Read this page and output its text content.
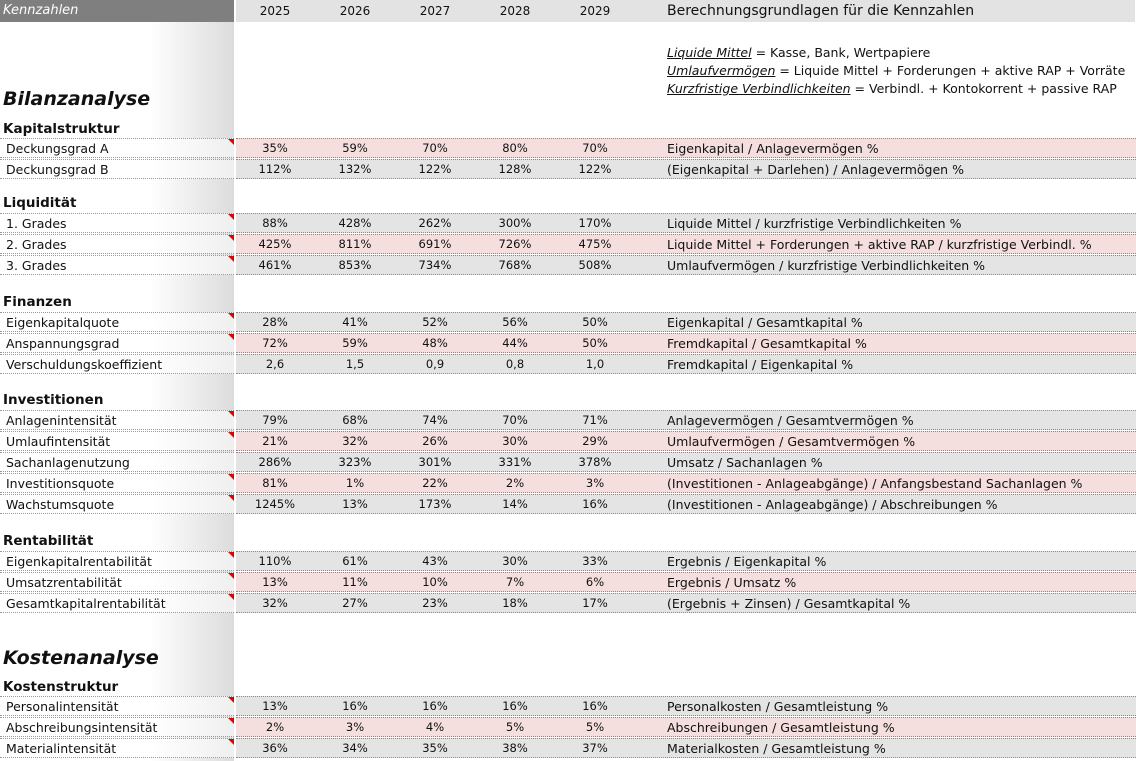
Kennzahlen	2025	2026	2027	2028	2029	Berechnungsgrundlagen für die Kennzahlen
Liquide Mittel = Kasse, Bank, Wertpapiere
Umlaufvermögen = Liquide Mittel + Forderungen + aktive RAP + Vorräte
Kurzfristige Verbindlichkeiten = Verbindl. + Kontokorrent + passive RAP
Bilanzanalyse
Kostenanalyse
Kapitalstruktur
Liquidität
Finanzen
Investitionen
Rentabilität
Kostenstruktur
Deckungsgrad A	35%	59%	70%	80%	70%	Eigenkapital / Anlagevermögen %
Deckungsgrad B	112%	132%	122%	128%	122%	(Eigenkapital + Darlehen) / Anlagevermögen %
1. Grades	88%	428%	262%	300%	170%	Liquide Mittel / kurzfristige Verbindlichkeiten %
2. Grades	425%	811%	691%	726%	475%	Liquide Mittel + Forderungen + aktive RAP / kurzfristige Verbindl. %
3. Grades	461%	853%	734%	768%	508%	Umlaufvermögen / kurzfristige Verbindlichkeiten %
Eigenkapitalquote	28%	41%	52%	56%	50%	Eigenkapital / Gesamtkapital %
Anspannungsgrad	72%	59%	48%	44%	50%	Fremdkapital / Gesamtkapital %
Verschuldungskoeffizient	2,6	1,5	0,9	0,8	1,0	Fremdkapital / Eigenkapital %
Anlagenintensität	79%	68%	74%	70%	71%	Anlagevermögen / Gesamtvermögen %
Umlaufintensität	21%	32%	26%	30%	29%	Umlaufvermögen / Gesamtvermögen %
Sachanlagenutzung	286%	323%	301%	331%	378%	Umsatz / Sachanlagen %
Investitionsquote	81%	1%	22%	2%	3%	(Investitionen - Anlageabgänge) / Anfangsbestand Sachanlagen %
Wachstumsquote	1245%	13%	173%	14%	16%	(Investitionen - Anlageabgänge) / Abschreibungen %
Eigenkapitalrentabilität	110%	61%	43%	30%	33%	Ergebnis / Eigenkapital %
Umsatzrentabilität	13%	11%	10%	7%	6%	Ergebnis / Umsatz %
Gesamtkapitalrentabilität	32%	27%	23%	18%	17%	(Ergebnis + Zinsen) / Gesamtkapital %
Personalintensität	13%	16%	16%	16%	16%	Personalkosten / Gesamtleistung %
Abschreibungsintensität	2%	3%	4%	5%	5%	Abschreibungen / Gesamtleistung %
Materialintensität	36%	34%	35%	38%	37%	Materialkosten / Gesamtleistung %
